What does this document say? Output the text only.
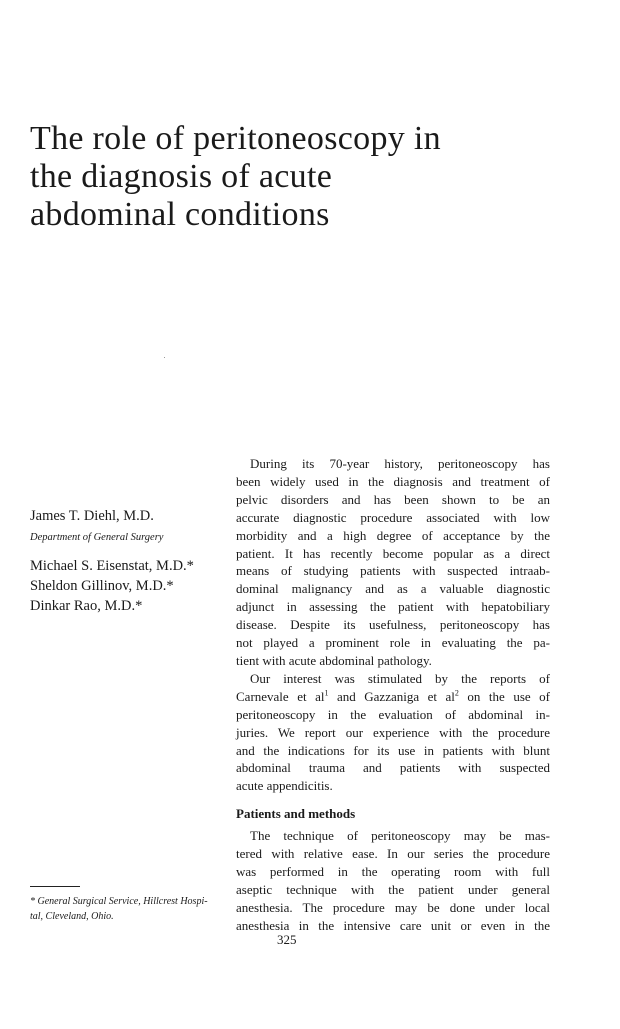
The role of peritoneoscopy in
the diagnosis of acute
abdominal conditions

James T. Diehl, M.D.

Department of General Surgery

Michael S. Eisenstat, M.D.*

Sheldon Gillinov, M.D.*

Dinkar Rao, M.D.*

* General Surgical Service, Hillcrest Hospi-

tal, Cleveland, Ohio.

During its 70-year history, peritoneoscopy has
been widely used in the diagnosis and treatment of
pelvic disorders and has been shown to be an
accurate diagnostic procedure associated with low
morbidity and a high degree of acceptance by the
patient. It has recently become popular as a direct
means of studying patients with suspected intraab-
dominal malignancy and as a valuable diagnostic
adjunct in assessing the patient with hepatobiliary
disease. Despite its usefulness, peritoneoscopy has
not played a prominent role in evaluating the pa-
tient with acute abdominal pathology.
Our interest was stimulated by the reports of
Carnevale et $al^1$ and Gazzaniga et $al^2$ on the use of
peritoneoscopy in the evaluation of abdominal in-
juries. We report our experience with the procedure
and the indications for its use in patients with blunt
abdominal trauma and patients with suspected
acute appendicitis.
Patients and methods
The technique of peritoneoscopy may be mas-
tered with relative ease. In our series the procedure
was performed in the operating room with full
aseptic technique with the patient under general
anesthesia. The procedure may be done under local
anesthesia in the intensive care unit or even in the
325
